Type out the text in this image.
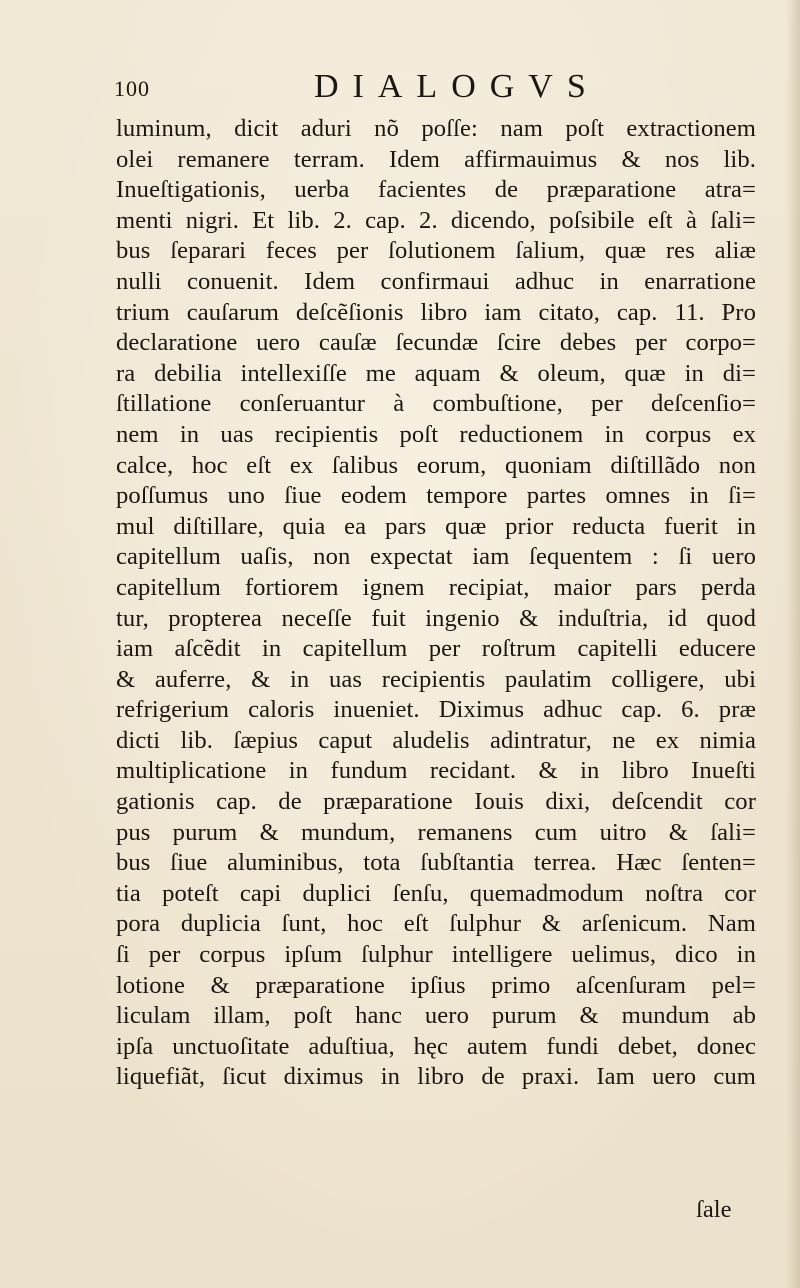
100	DIALOGVS
luminum, dicit aduri nõ poſſe: nam poſt extractionem
olei remanere terram. Idem affirmauimus & nos lib.
Inueſtigationis, uerba facientes de præparatione atra=
menti nigri. Et lib. 2. cap. 2. dicendo, poſsibile eſt à ſali=
bus ſeparari feces per ſolutionem ſalium, quæ res aliæ
nulli conuenit. Idem confirmaui adhuc in enarratione
trium cauſarum deſcẽſionis libro iam citato, cap. 11. Pro
declaratione uero cauſæ ſecundæ ſcire debes per corpo=
ra debilia intellexiſſe me aquam & oleum, quæ in di=
ſtillatione conſeruantur à combuſtione, per deſcenſio=
nem in uas recipientis poſt reductionem in corpus ex
calce, hoc eſt ex ſalibus eorum, quoniam diſtillãdo non
poſſumus uno ſiue eodem tempore partes omnes in ſi=
mul diſtillare, quia ea pars quæ prior reducta fuerit in
capitellum uaſis, non expectat iam ſequentem : ſi uero
capitellum fortiorem ignem recipiat, maior pars perda
tur, propterea neceſſe fuit ingenio & induſtria, id quod
iam aſcẽdit in capitellum per roſtrum capitelli educere
& auferre, & in uas recipientis paulatim colligere, ubi
refrigerium caloris inueniet. Diximus adhuc cap. 6. præ
dicti lib. ſæpius caput aludelis adintratur, ne ex nimia
multiplicatione in fundum recidant. & in libro Inueſti
gationis cap. de præparatione Iouis dixi, deſcendit cor
pus purum & mundum, remanens cum uitro & ſali=
bus ſiue aluminibus, tota ſubſtantia terrea. Hæc ſenten=
tia poteſt capi duplici ſenſu, quemadmodum noſtra cor
pora duplicia ſunt, hoc eſt ſulphur & arſenicum. Nam
ſi per corpus ipſum ſulphur intelligere uelimus, dico in
lotione & præparatione ipſius primo aſcenſuram pel=
liculam illam, poſt hanc uero purum & mundum ab
ipſa unctuoſitate aduſtiua, hęc autem fundi debet, donec
liquefiãt, ſicut diximus in libro de praxi. Iam uero cum
ſale
